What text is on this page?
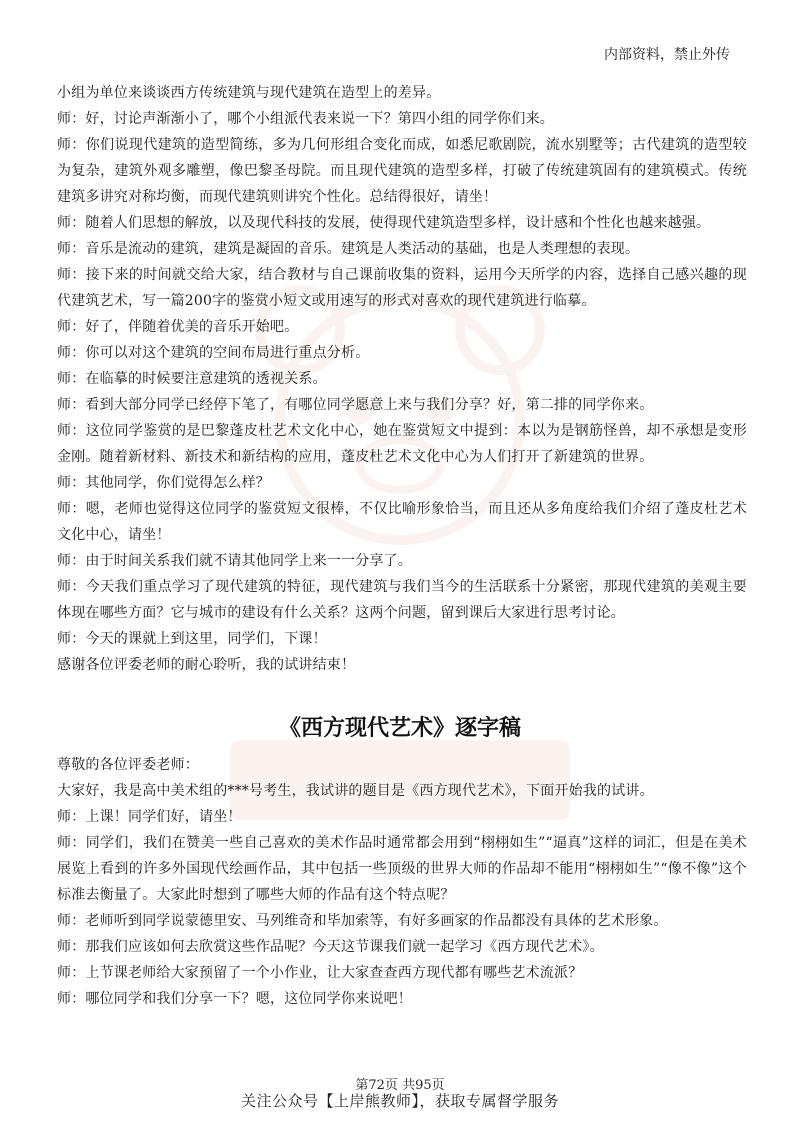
内部资料，禁止外传

小组为单位来谈谈西方传统建筑与现代建筑在造型上的差异。

师：好，讨论声渐渐小了，哪个小组派代表来说一下？第四小组的同学你们来。

师：你们说现代建筑的造型简练，多为几何形组合变化而成，如悉尼歌剧院，流水别墅等；古代建筑的造型较为复杂，建筑外观多雕塑，像巴黎圣母院。而且现代建筑的造型多样，打破了传统建筑固有的建筑模式。传统建筑多讲究对称均衡，而现代建筑则讲究个性化。总结得很好，请坐！

师：随着人们思想的解放，以及现代科技的发展，使得现代建筑造型多样，设计感和个性化也越来越强。

师：音乐是流动的建筑，建筑是凝固的音乐。建筑是人类活动的基础，也是人类理想的表现。

师：接下来的时间就交给大家，结合教材与自己课前收集的资料，运用今天所学的内容，选择自己感兴趣的现代建筑艺术，写一篇200字的鉴赏小短文或用速写的形式对喜欢的现代建筑进行临摹。

师：好了，伴随着优美的音乐开始吧。

师：你可以对这个建筑的空间布局进行重点分析。

师：在临摹的时候要注意建筑的透视关系。

师：看到大部分同学已经停下笔了，有哪位同学愿意上来与我们分享？好，第二排的同学你来。

师：这位同学鉴赏的是巴黎蓬皮杜艺术文化中心，她在鉴赏短文中提到：本以为是钢筋怪兽，却不承想是变形金刚。随着新材料、新技术和新结构的应用，蓬皮杜艺术文化中心为人们打开了新建筑的世界。

师：其他同学，你们觉得怎么样？

师：嗯，老师也觉得这位同学的鉴赏短文很棒，不仅比喻形象恰当，而且还从多角度给我们介绍了蓬皮杜艺术文化中心，请坐！

师：由于时间关系我们就不请其他同学上来一一分享了。

师：今天我们重点学习了现代建筑的特征，现代建筑与我们当今的生活联系十分紧密，那现代建筑的美观主要体现在哪些方面？它与城市的建设有什么关系？这两个问题，留到课后大家进行思考讨论。

师：今天的课就上到这里，同学们，下课！

感谢各位评委老师的耐心聆听，我的试讲结束！

《西方现代艺术》逐字稿

尊敬的各位评委老师：

大家好，我是高中美术组的***号考生，我试讲的题目是《西方现代艺术》，下面开始我的试讲。

师：上课！同学们好，请坐！

师：同学们，我们在赞美一些自己喜欢的美术作品时通常都会用到“栩栩如生”“逼真”这样的词汇，但是在美术展览上看到的许多外国现代绘画作品，其中包括一些顶级的世界大师的作品却不能用“栩栩如生”“像不像”这个标准去衡量了。大家此时想到了哪些大师的作品有这个特点呢？

师：老师听到同学说蒙德里安、马列维奇和毕加索等，有好多画家的作品都没有具体的艺术形象。

师：那我们应该如何去欣赏这些作品呢？今天这节课我们就一起学习《西方现代艺术》。

师：上节课老师给大家预留了一个小作业，让大家查查西方现代都有哪些艺术流派？

师：哪位同学和我们分享一下？嗯，这位同学你来说吧！

第72页 共95页
关注公众号【上岸熊教师】，获取专属督学服务
